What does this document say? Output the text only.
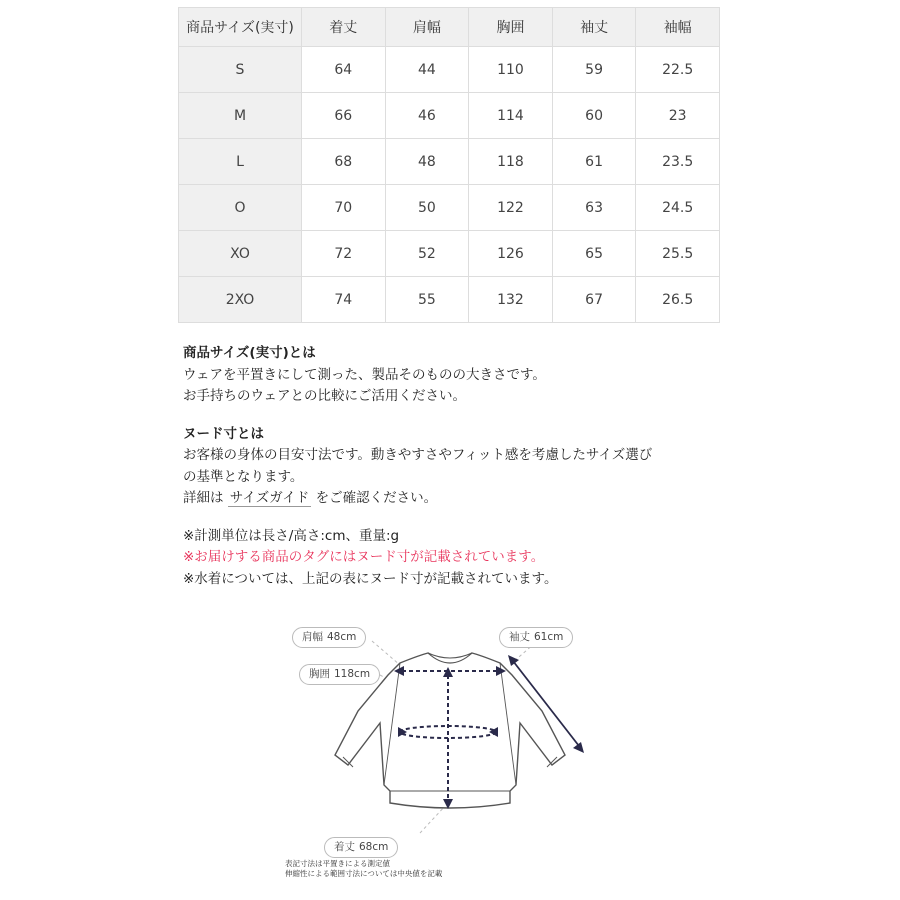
商品サイズ(実寸)	着丈	肩幅	胸囲	袖丈	袖幅
S	64	44	110	59	22.5
M	66	46	114	60	23
L	68	48	118	61	23.5
O	70	50	122	63	24.5
XO	72	52	126	65	25.5
2XO	74	55	132	67	26.5

商品サイズ(実寸)とは

ウェアを平置きにして測った、製品そのものの大きさです。

お手持ちのウェアとの比較にご活用ください。

ヌード寸とは

お客様の身体の目安寸法です。動きやすさやフィット感を考慮したサイズ選び

の基準となります。

詳細は サイズガイド をご確認ください。

※計測単位は長さ/高さ:cm、重量:g

※お届けする商品のタグにはヌード寸が記載されています。

※水着については、上記の表にヌード寸が記載されています。

肩幅 48cm	袖丈 61cm
胸囲 118cm
着丈 68cm
表記寸法は平置きによる測定値
伸縮性による範囲寸法については中央値を記載
